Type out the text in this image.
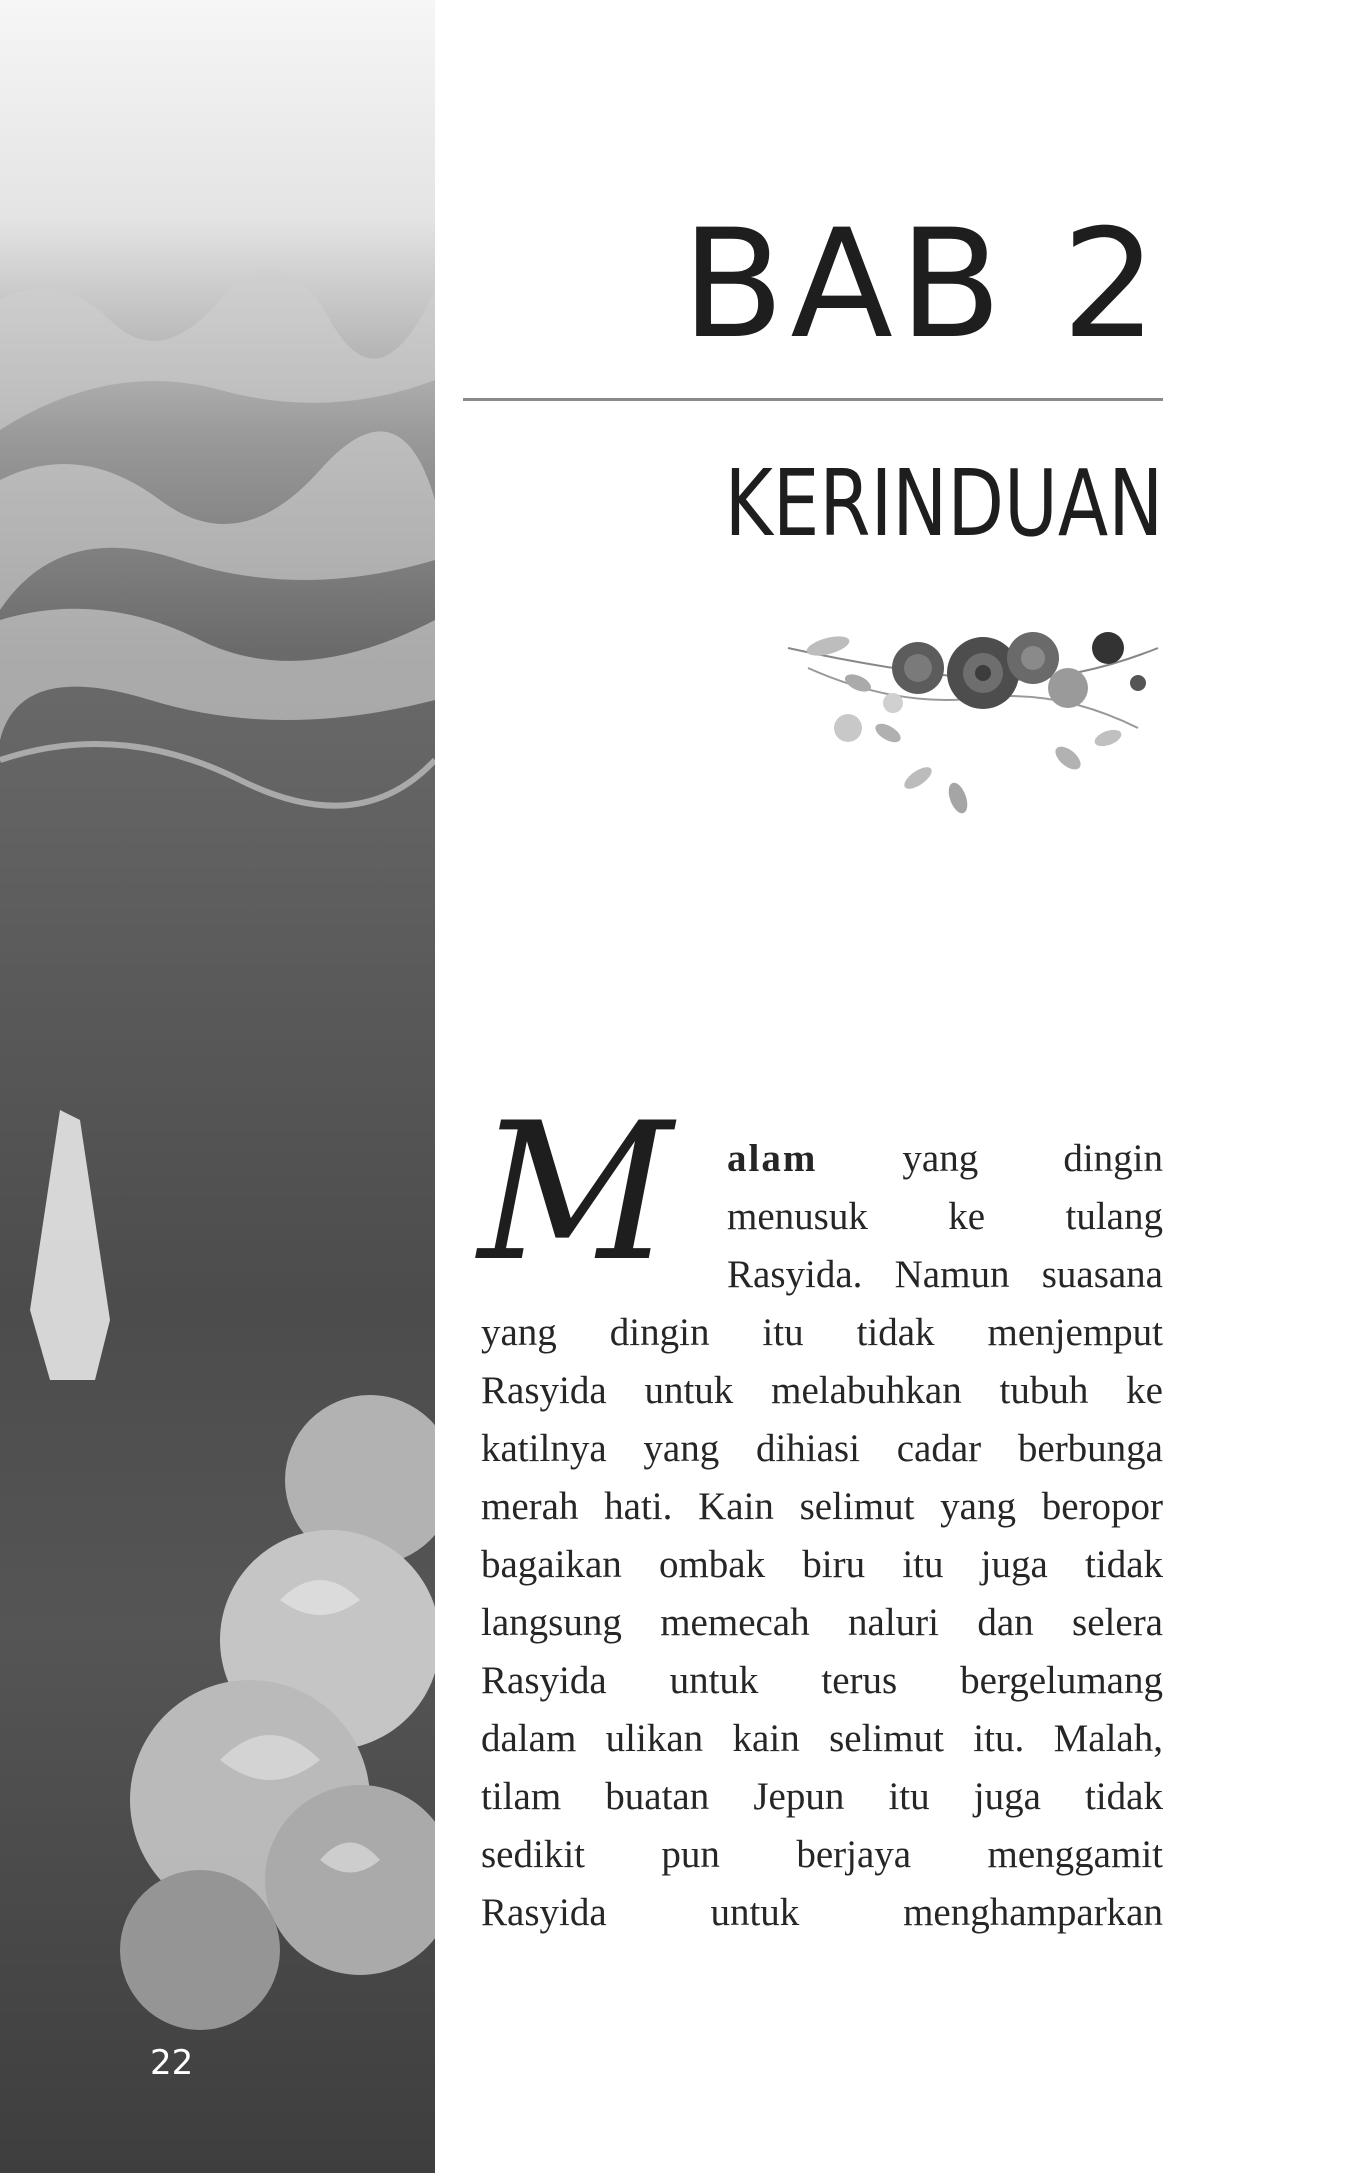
22
BAB 2
KERINDUAN
M alam yang dingin
menusuk ke tulang
Rasyida. Namun suasana
yang dingin itu tidak menjemput
Rasyida untuk melabuhkan tubuh ke
katilnya yang dihiasi cadar berbunga
merah hati. Kain selimut yang beropor
bagaikan ombak biru itu juga tidak
langsung memecah naluri dan selera
Rasyida untuk terus bergelumang
dalam ulikan kain selimut itu. Malah,
tilam buatan Jepun itu juga tidak
sedikit pun berjaya menggamit
Rasyida untuk menghamparkan
